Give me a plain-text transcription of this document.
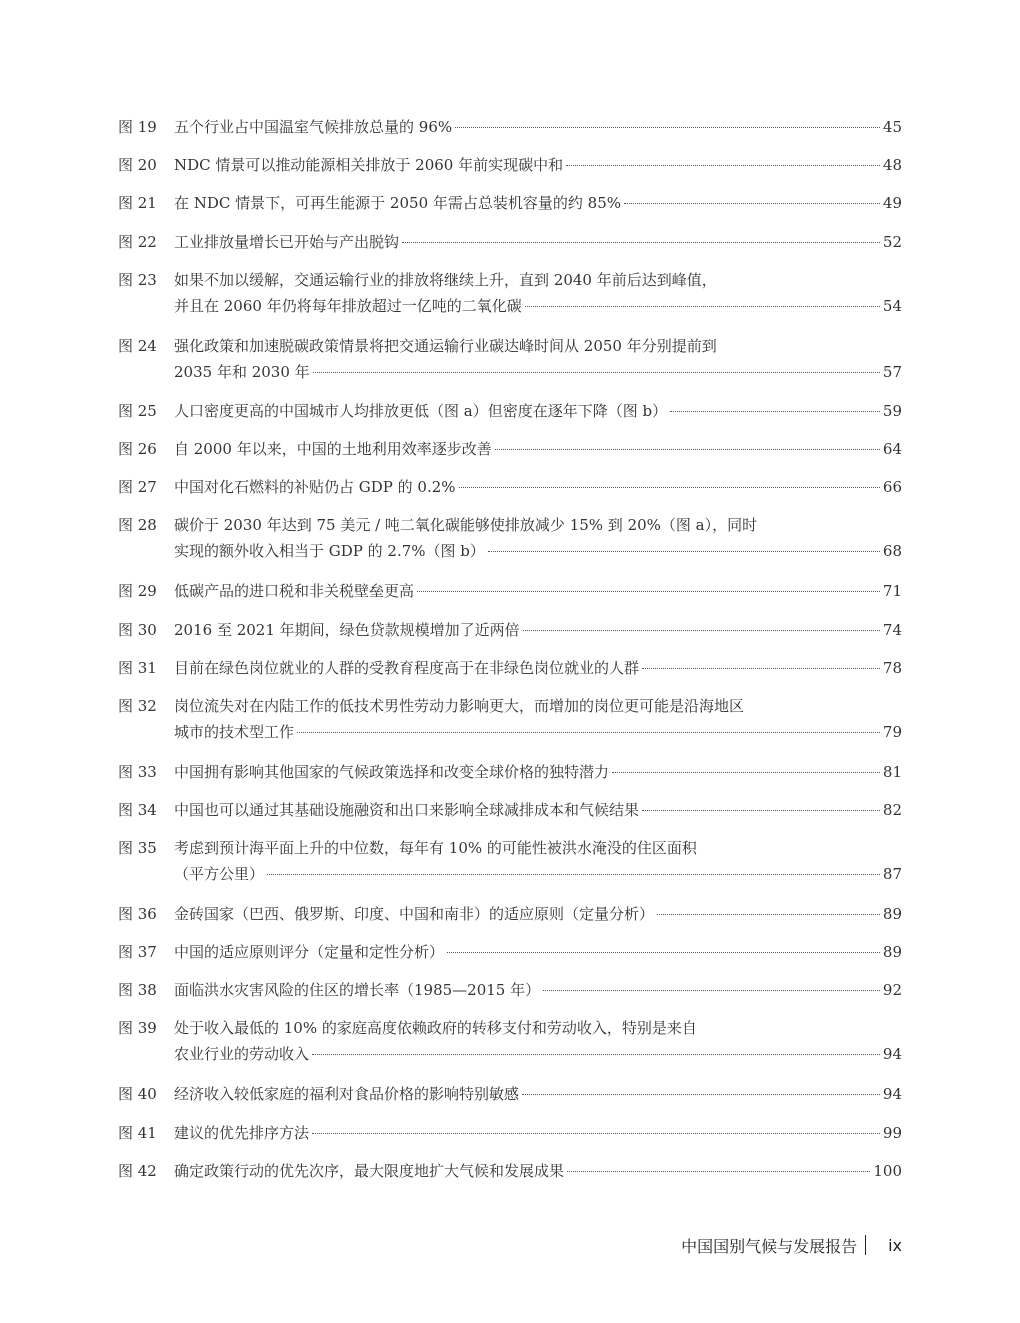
图 19 五个行业占中国温室气候排放总量的 96%	45
图 20 NDC 情景可以推动能源相关排放于 2060 年前实现碳中和	48
图 21 在 NDC 情景下，可再生能源于 2050 年需占总装机容量的约 85%	49
图 22 工业排放量增长已开始与产出脱钩	52
图 23 如果不加以缓解，交通运输行业的排放将继续上升，直到 2040 年前后达到峰值，
并且在 2060 年仍将每年排放超过一亿吨的二氧化碳	54
图 24 强化政策和加速脱碳政策情景将把交通运输行业碳达峰时间从 2050 年分别提前到
2035 年和 2030 年	57
图 25 人口密度更高的中国城市人均排放更低（图 a）但密度在逐年下降（图 b）	59
图 26 自 2000 年以来，中国的土地利用效率逐步改善	64
图 27 中国对化石燃料的补贴仍占 GDP 的 0.2%	66
图 28 碳价于 2030 年达到 75 美元 / 吨二氧化碳能够使排放减少 15% 到 20%（图 a），同时
实现的额外收入相当于 GDP 的 2.7%（图 b）	68
图 29 低碳产品的进口税和非关税壁垒更高	71
图 30 2016 至 2021 年期间，绿色贷款规模增加了近两倍	74
图 31 目前在绿色岗位就业的人群的受教育程度高于在非绿色岗位就业的人群	78
图 32 岗位流失对在内陆工作的低技术男性劳动力影响更大，而增加的岗位更可能是沿海地区
城市的技术型工作	79
图 33 中国拥有影响其他国家的气候政策选择和改变全球价格的独特潜力	81
图 34 中国也可以通过其基础设施融资和出口来影响全球减排成本和气候结果	82
图 35 考虑到预计海平面上升的中位数，每年有 10% 的可能性被洪水淹没的住区面积
（平方公里）	87
图 36 金砖国家（巴西、俄罗斯、印度、中国和南非）的适应原则（定量分析）	89
图 37 中国的适应原则评分（定量和定性分析）	89
图 38 面临洪水灾害风险的住区的增长率（1985—2015 年）	92
图 39 处于收入最低的 10% 的家庭高度依赖政府的转移支付和劳动收入，特别是来自
农业行业的劳动收入	94
图 40 经济收入较低家庭的福利对食品价格的影响特别敏感	94
图 41 建议的优先排序方法	99
图 42 确定政策行动的优先次序，最大限度地扩大气候和发展成果	100
中国国别气候与发展报告 ix
